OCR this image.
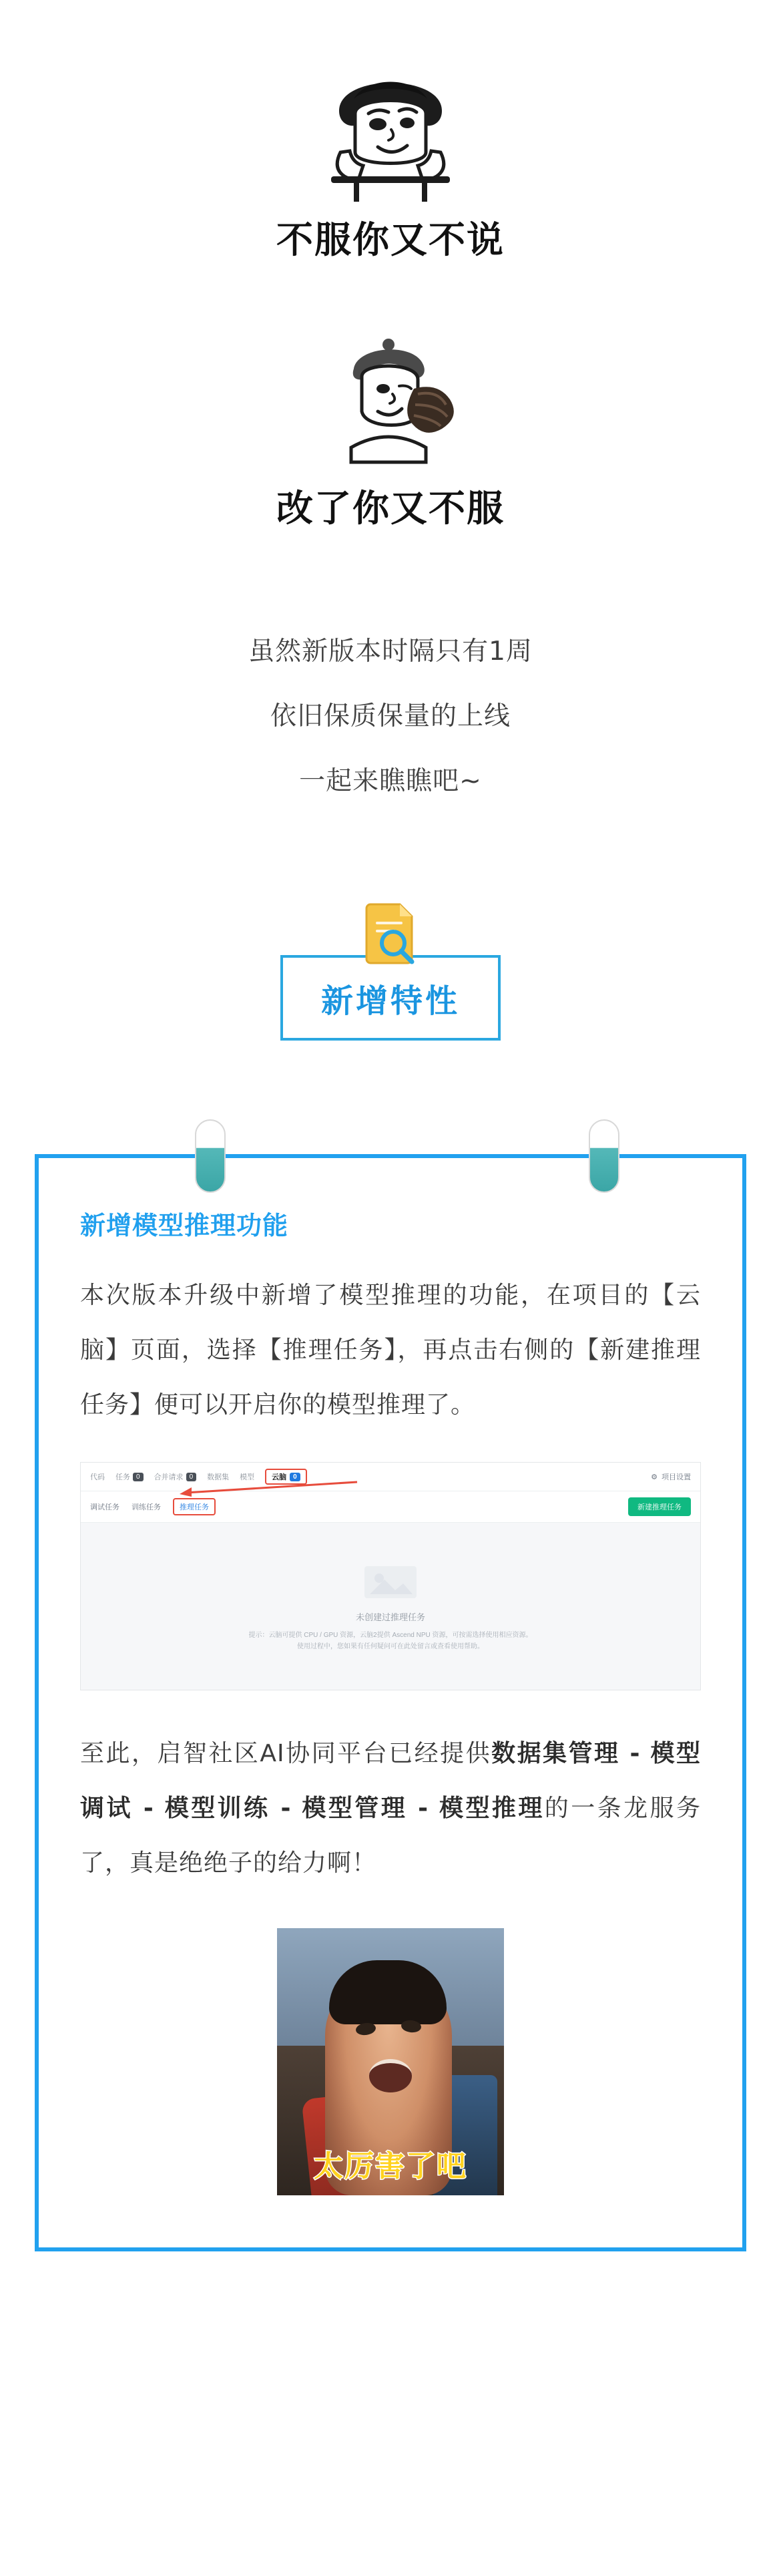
不服你又不说
改了你又不服

虽然新版本时隔只有1周

依旧保质保量的上线

一起来瞧瞧吧~

新增特性
新增模型推理功能

本次版本升级中新增了模型推理的功能，在项目的【云脑】页面，选择【推理任务】，再点击右侧的【新建推理任务】便可以开启你的模型推理了。

代码 任务 0	合并请求 0	数据集 模型 云脑	0	⚙ 项目设置
调试任务 训练任务	推理任务	新建推理任务
未创建过推理任务
提示：云脑可提供 CPU / GPU 资源，云脑2提供 Ascend NPU 资源，可按需选择使用相应资源。
使用过程中，您如果有任何疑问可在此处留言或查看使用帮助。

至此，启智社区AI协同平台已经提供数据集管理 - 模型调试 - 模型训练 - 模型管理 - 模型推理的一条龙服务了，真是绝绝子的给力啊！

太厉害了吧
